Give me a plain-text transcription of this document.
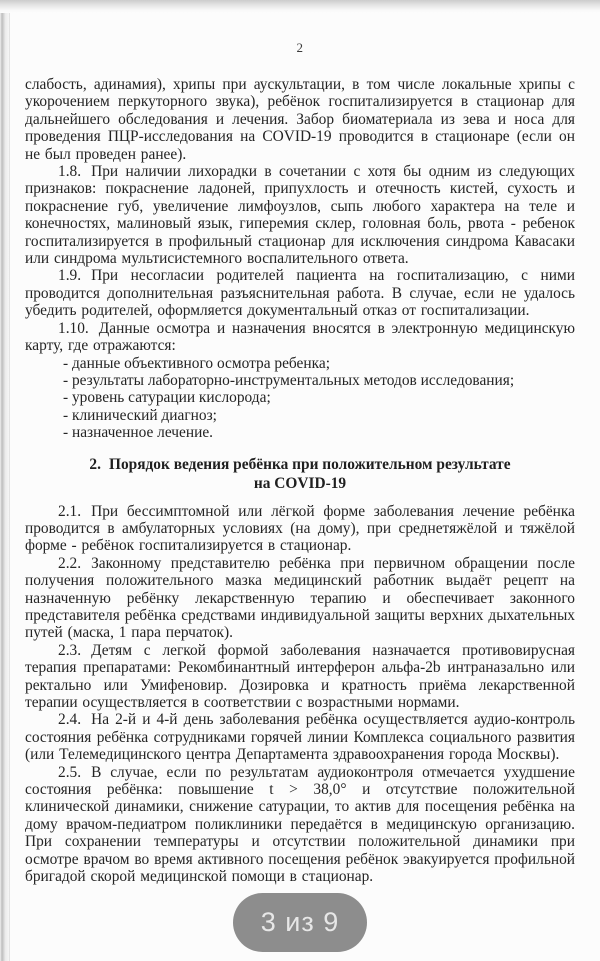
2

слабость, адинамия), хрипы при аускультации, в том числе локальные хрипы с укорочением перкуторного звука), ребёнок госпитализируется в стационар для дальнейшего обследования и лечения. Забор биоматериала из зева и носа для проведения ПЦР-исследования на COVID-19 проводится в стационаре (если он не был проведен ранее).

1.8. При наличии лихорадки в сочетании с хотя бы одним из следующих признаков: покраснение ладоней, припухлость и отечность кистей, сухость и покраснение губ, увеличение лимфоузлов, сыпь любого характера на теле и конечностях, малиновый язык, гиперемия склер, головная боль, рвота - ребенок госпитализируется в профильный стационар для исключения синдрома Кавасаки или синдрома мультисистемного воспалительного ответа.

1.9. При несогласии родителей пациента на госпитализацию, с ними проводится дополнительная разъяснительная работа. В случае, если не удалось убедить родителей, оформляется документальный отказ от госпитализации.

1.10. Данные осмотра и назначения вносятся в электронную медицинскую карту, где отражаются:

- данные объективного осмотра ребенка;

- результаты лабораторно-инструментальных методов исследования;

- уровень сатурации кислорода;

- клинический диагноз;

- назначенное лечение.

2. Порядок ведения ребёнка при положительном результате
на COVID-19

2.1. При бессимптомной или лёгкой форме заболевания лечение ребёнка проводится в амбулаторных условиях (на дому), при среднетяжёлой и тяжёлой форме - ребёнок госпитализируется в стационар.

2.2. Законному представителю ребёнка при первичном обращении после получения положительного мазка медицинский работник выдаёт рецепт на назначенную ребёнку лекарственную терапию и обеспечивает законного представителя ребёнка средствами индивидуальной защиты верхних дыхательных путей (маска, 1 пара перчаток).

2.3. Детям с легкой формой заболевания назначается противовирусная терапия препаратами: Рекомбинантный интерферон альфа-2b интраназально или ректально или Умифеновир. Дозировка и кратность приёма лекарственной терапии осуществляется в соответствии с возрастными нормами.

2.4. На 2-й и 4-й день заболевания ребёнка осуществляется аудио-контроль состояния ребёнка сотрудниками горячей линии Комплекса социального развития (или Телемедицинского центра Департамента здравоохранения города Москвы).

2.5. В случае, если по результатам аудиоконтроля отмечается ухудшение состояния ребёнка: повышение t > 38,0° и отсутствие положительной клинической динамики, снижение сатурации, то актив для посещения ребёнка на дому врачом-педиатром поликлиники передаётся в медицинскую организацию. При сохранении температуры и отсутствии положительной динамики при осмотре врачом во время активного посещения ребёнок эвакуируется профильной бригадой скорой медицинской помощи в стационар.

3 из 9
